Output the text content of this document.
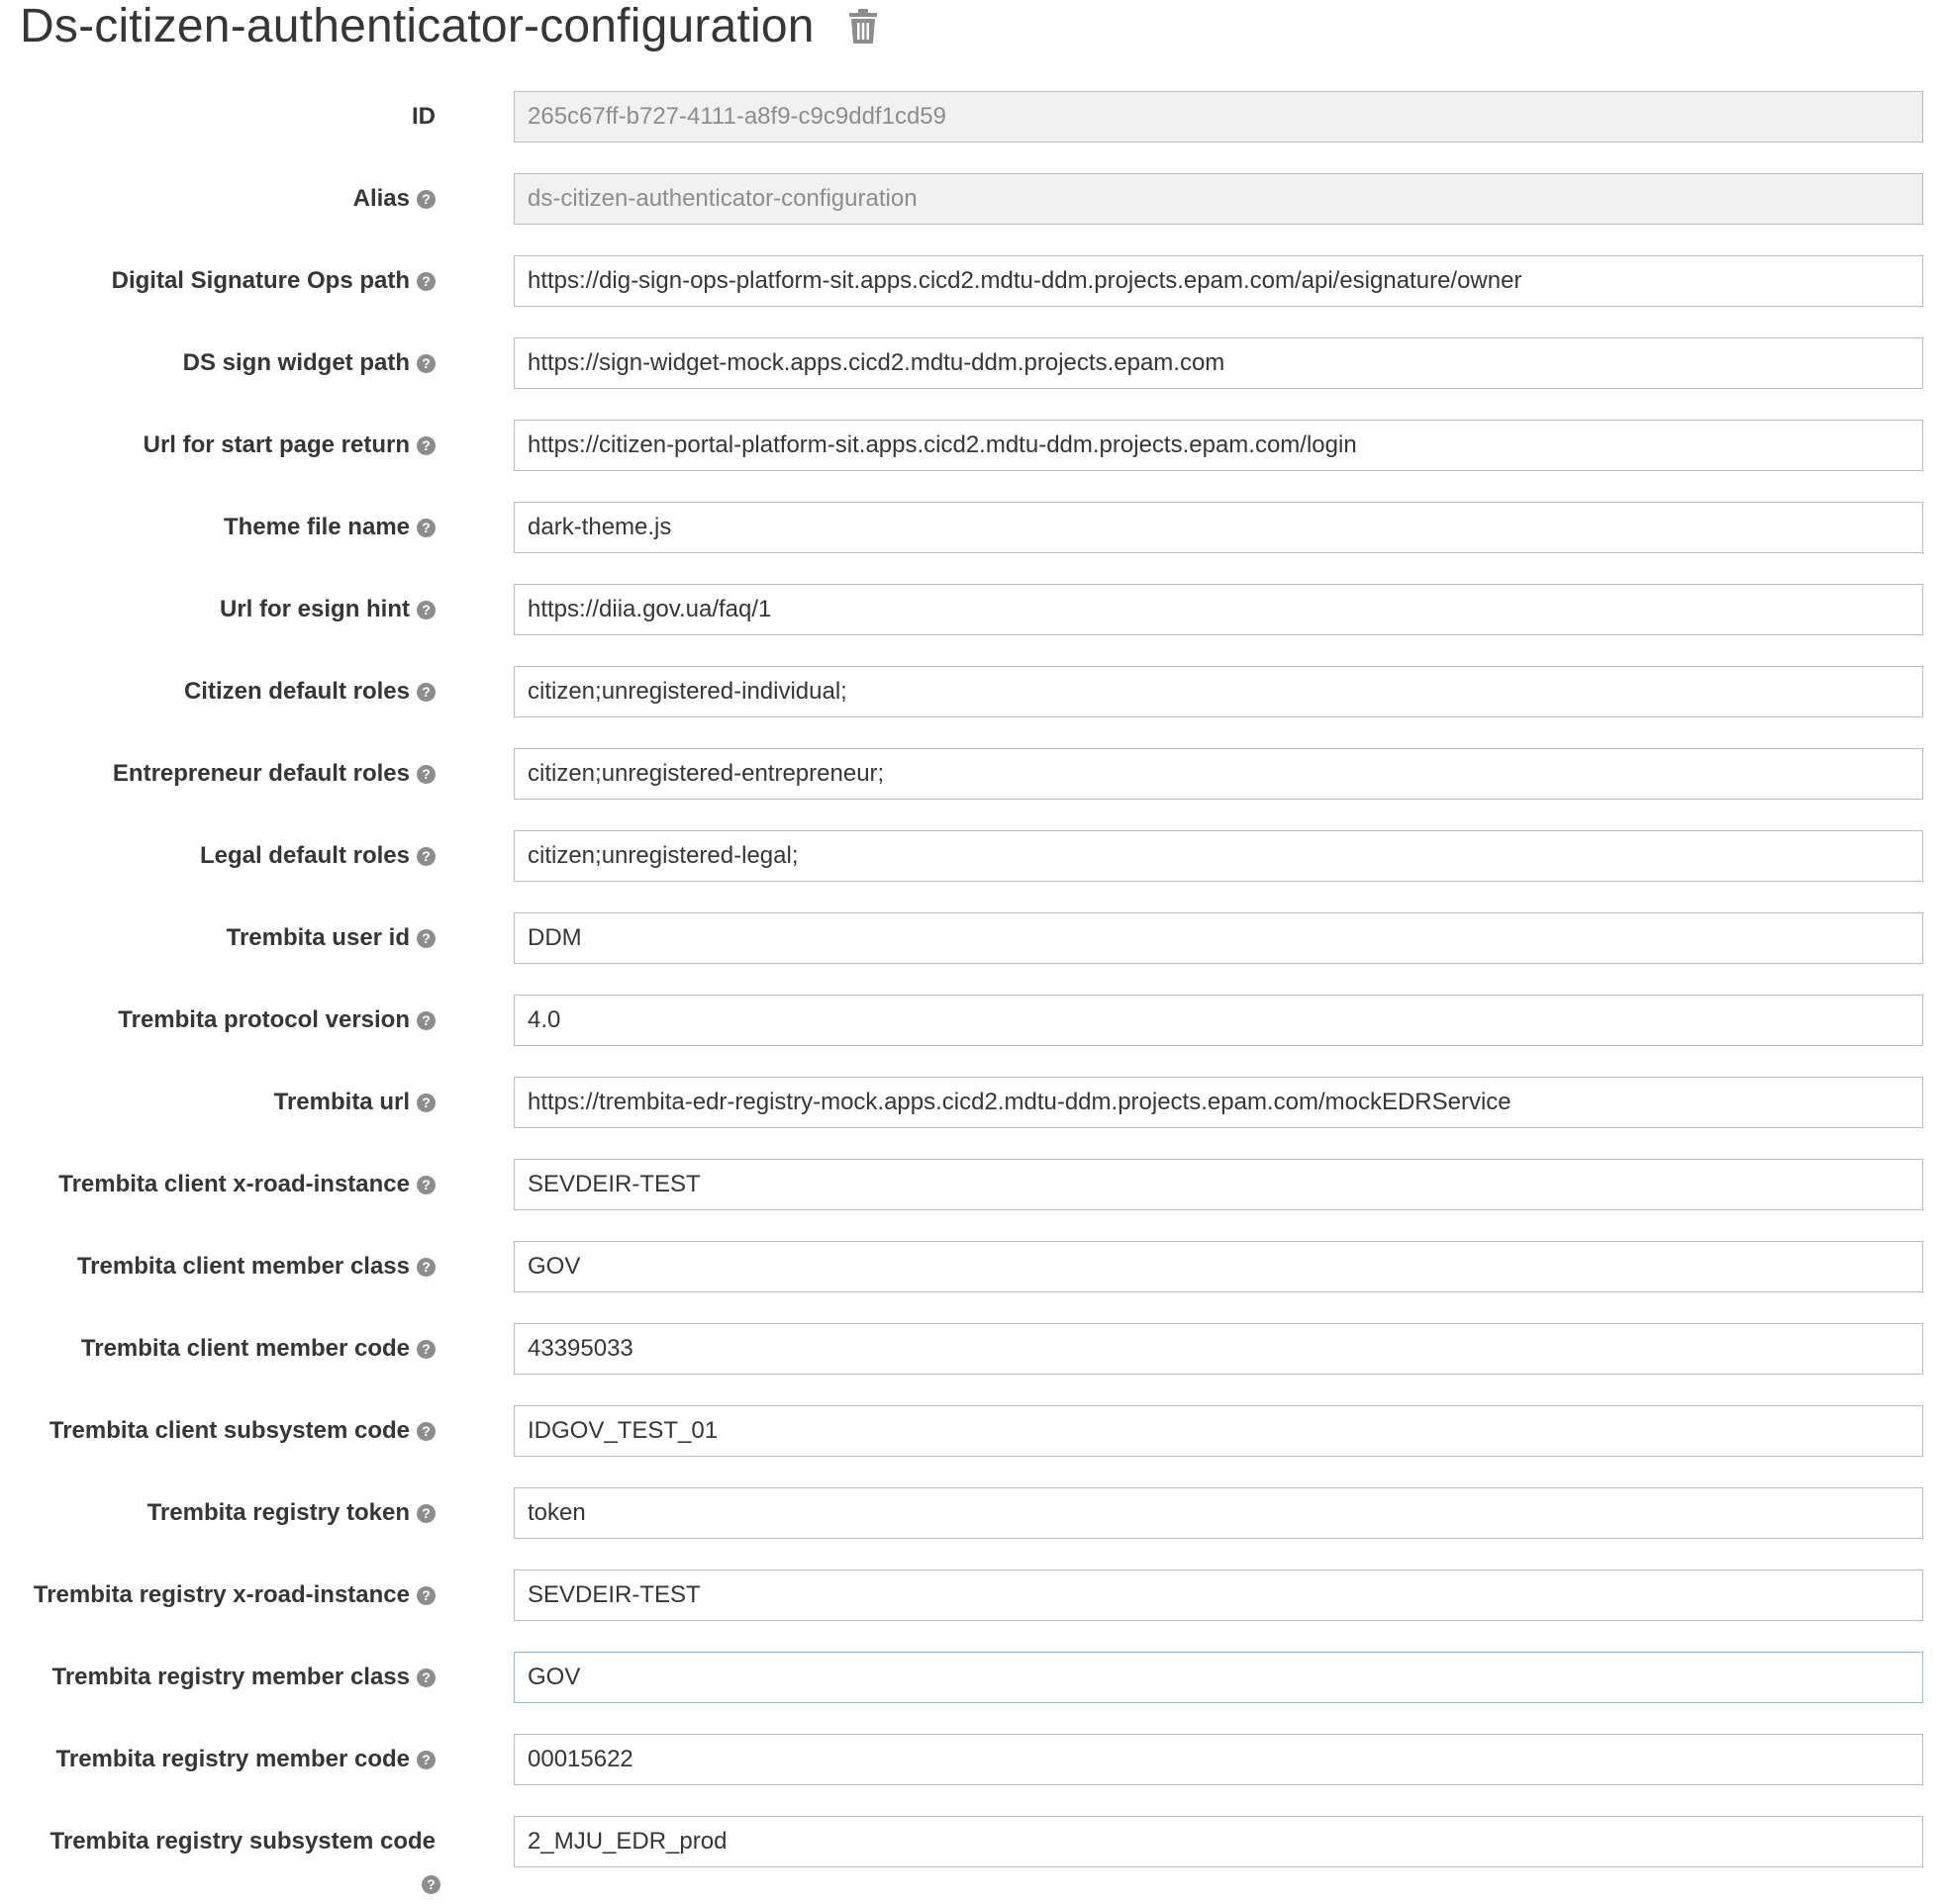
Ds-citizen-authenticator-configuration
ID
265c67ff-b727-4111-a8f9-c9c9ddf1cd59
Alias ?
ds-citizen-authenticator-configuration
Digital Signature Ops path ?
https://dig-sign-ops-platform-sit.apps.cicd2.mdtu-ddm.projects.epam.com/api/esignature/owner
DS sign widget path ?
https://sign-widget-mock.apps.cicd2.mdtu-ddm.projects.epam.com
Url for start page return ?
https://citizen-portal-platform-sit.apps.cicd2.mdtu-ddm.projects.epam.com/login
Theme file name ?
dark-theme.js
Url for esign hint ?
https://diia.gov.ua/faq/1
Citizen default roles ?
citizen;unregistered-individual;
Entrepreneur default roles ?
citizen;unregistered-entrepreneur;
Legal default roles ?
citizen;unregistered-legal;
Trembita user id ?
DDM
Trembita protocol version ?
4.0
Trembita url ?
https://trembita-edr-registry-mock.apps.cicd2.mdtu-ddm.projects.epam.com/mockEDRService
Trembita client x-road-instance ?
SEVDEIR-TEST
Trembita client member class ?
GOV
Trembita client member code ?
43395033
Trembita client subsystem code ?
IDGOV_TEST_01
Trembita registry token ?
token
Trembita registry x-road-instance ?
SEVDEIR-TEST
Trembita registry member class ?
GOV
Trembita registry member code ?
00015622
Trembita registry subsystem code
2_MJU_EDR_prod
?
